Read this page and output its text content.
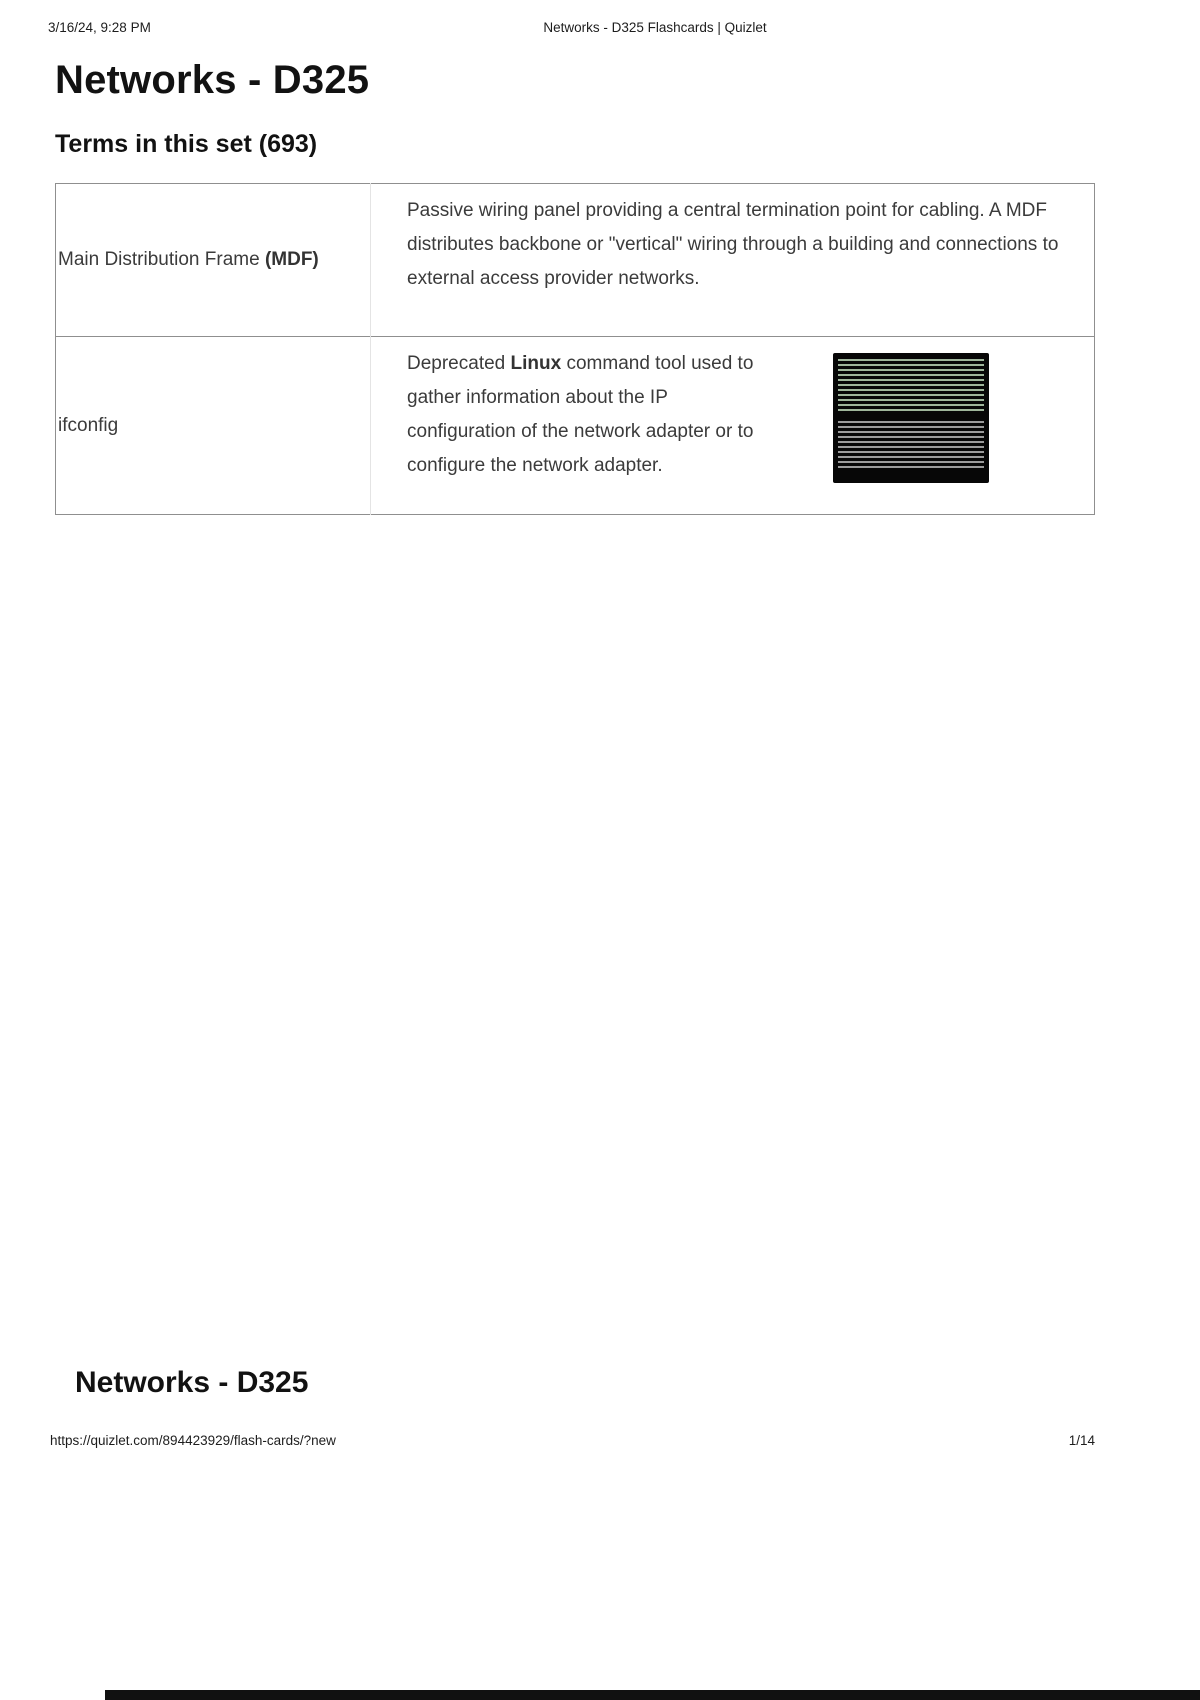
3/16/24, 9:28 PM	Networks - D325 Flashcards | Quizlet
Networks - D325
Terms in this set (693)
Main Distribution Frame (MDF)	Passive wiring panel providing a central termination point for cabling. A MDF distributes backbone or "vertical" wiring through a building and connections to external access provider networks.
ifconfig	Deprecated Linux command tool used to gather information about the IP configuration of the network adapter or to configure the network adapter.
Networks - D325
https://quizlet.com/894423929/flash-cards/?new	1/14
